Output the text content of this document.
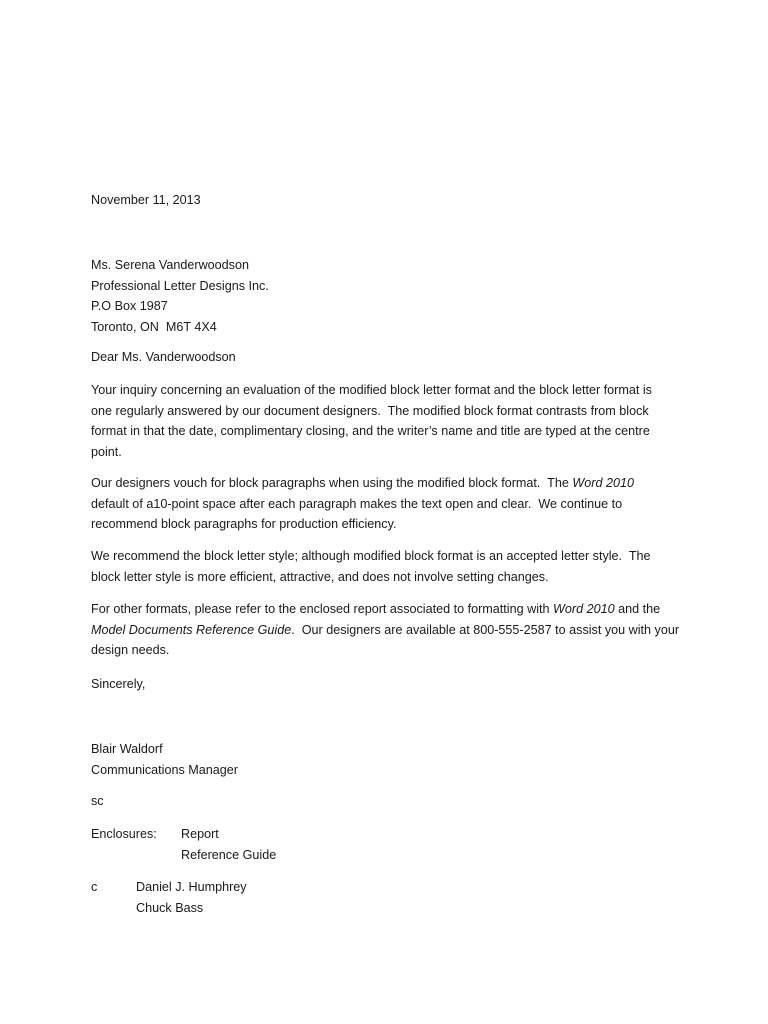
November 11, 2013
Ms. Serena Vanderwoodson
Professional Letter Designs Inc.
P.O Box 1987
Toronto, ON  M6T 4X4
Dear Ms. Vanderwoodson
Your inquiry concerning an evaluation of the modified block letter format and the block letter format is
one regularly answered by our document designers.  The modified block format contrasts from block
format in that the date, complimentary closing, and the writer’s name and title are typed at the centre
point.
Our designers vouch for block paragraphs when using the modified block format.  The Word 2010
default of a10-point space after each paragraph makes the text open and clear.  We continue to
recommend block paragraphs for production efficiency.
We recommend the block letter style; although modified block format is an accepted letter style.  The
block letter style is more efficient, attractive, and does not involve setting changes.
For other formats, please refer to the enclosed report associated to formatting with Word 2010 and the
Model Documents Reference Guide.  Our designers are available at 800-555-2587 to assist you with your
design needs.
Sincerely,
Blair Waldorf
Communications Manager
sc
Enclosures: Report
Reference Guide
c	Daniel J. Humphrey
Chuck Bass
